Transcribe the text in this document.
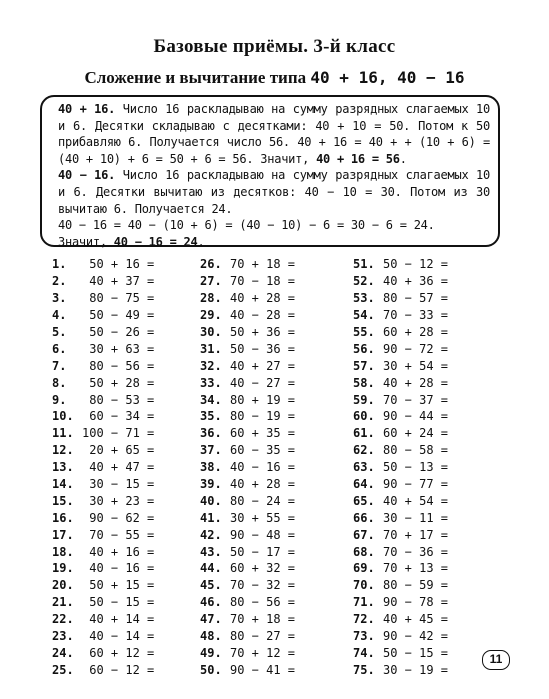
Базовые приёмы. 3-й класс
Сложение и вычитание типа 40 + 16, 40 − 16

40 + 16. Число 16 раскладываю на сумму разрядных слагаемых 10 и 6. Десятки складываю с десятками: 40 + 10 = 50. Потом к 50 прибавляю 6. Получается число 56. 40 + 16 = 40 + + (10 + 6) = (40 + 10) + 6 = 50 + 6 = 56. Значит, 40 + 16 = 56.

40 − 16. Число 16 раскладываю на сумму разрядных слагаемых 10 и 6. Десятки вычитаю из десятков: 40 − 10 = 30. Потом из 30 вычитаю 6. Получается 24.

40 − 16 = 40 − (10 + 6) = (40 − 10) − 6 = 30 − 6 = 24.

Значит, 40 − 16 = 24.

1.	50 + 16 =
2.	40 + 37 =
3.	80 − 75 =
4.	50 − 49 =
5.	50 − 26 =
6.	30 + 63 =
7.	80 − 56 =
8.	50 + 28 =
9.	80 − 53 =
10. 60 − 34 =
11. 100 − 71 =
12. 20 + 65 =
13. 40 + 47 =
14. 30 − 15 =
15. 30 + 23 =
16. 90 − 62 =
17. 70 − 55 =
18. 40 + 16 =
19. 40 − 16 =
20. 50 + 15 =
21. 50 − 15 =
22. 40 + 14 =
23. 40 − 14 =
24. 60 + 12 =
25. 60 − 12 =
26. 70 + 18 =
27. 70 − 18 =
28. 40 + 28 =
29. 40 − 28 =
30. 50 + 36 =
31. 50 − 36 =
32. 40 + 27 =
33. 40 − 27 =
34. 80 + 19 =
35. 80 − 19 =
36. 60 + 35 =
37. 60 − 35 =
38. 40 − 16 =
39. 40 + 28 =
40. 80 − 24 =
41. 30 + 55 =
42. 90 − 48 =
43. 50 − 17 =
44. 60 + 32 =
45. 70 − 32 =
46. 80 − 56 =
47. 70 + 18 =
48. 80 − 27 =
49. 70 + 12 =
50. 90 − 41 =
51. 50 − 12 =
52. 40 + 36 =
53. 80 − 57 =
54. 70 − 33 =
55. 60 + 28 =
56. 90 − 72 =
57. 30 + 54 =
58. 40 + 28 =
59. 70 − 37 =
60. 90 − 44 =
61. 60 + 24 =
62. 80 − 58 =
63. 50 − 13 =
64. 90 − 77 =
65. 40 + 54 =
66. 30 − 11 =
67. 70 + 17 =
68. 70 − 36 =
69. 70 + 13 =
70. 80 − 59 =
71. 90 − 78 =
72. 40 + 45 =
73. 90 − 42 =
74. 50 − 15 =
75. 30 − 19 =
11
